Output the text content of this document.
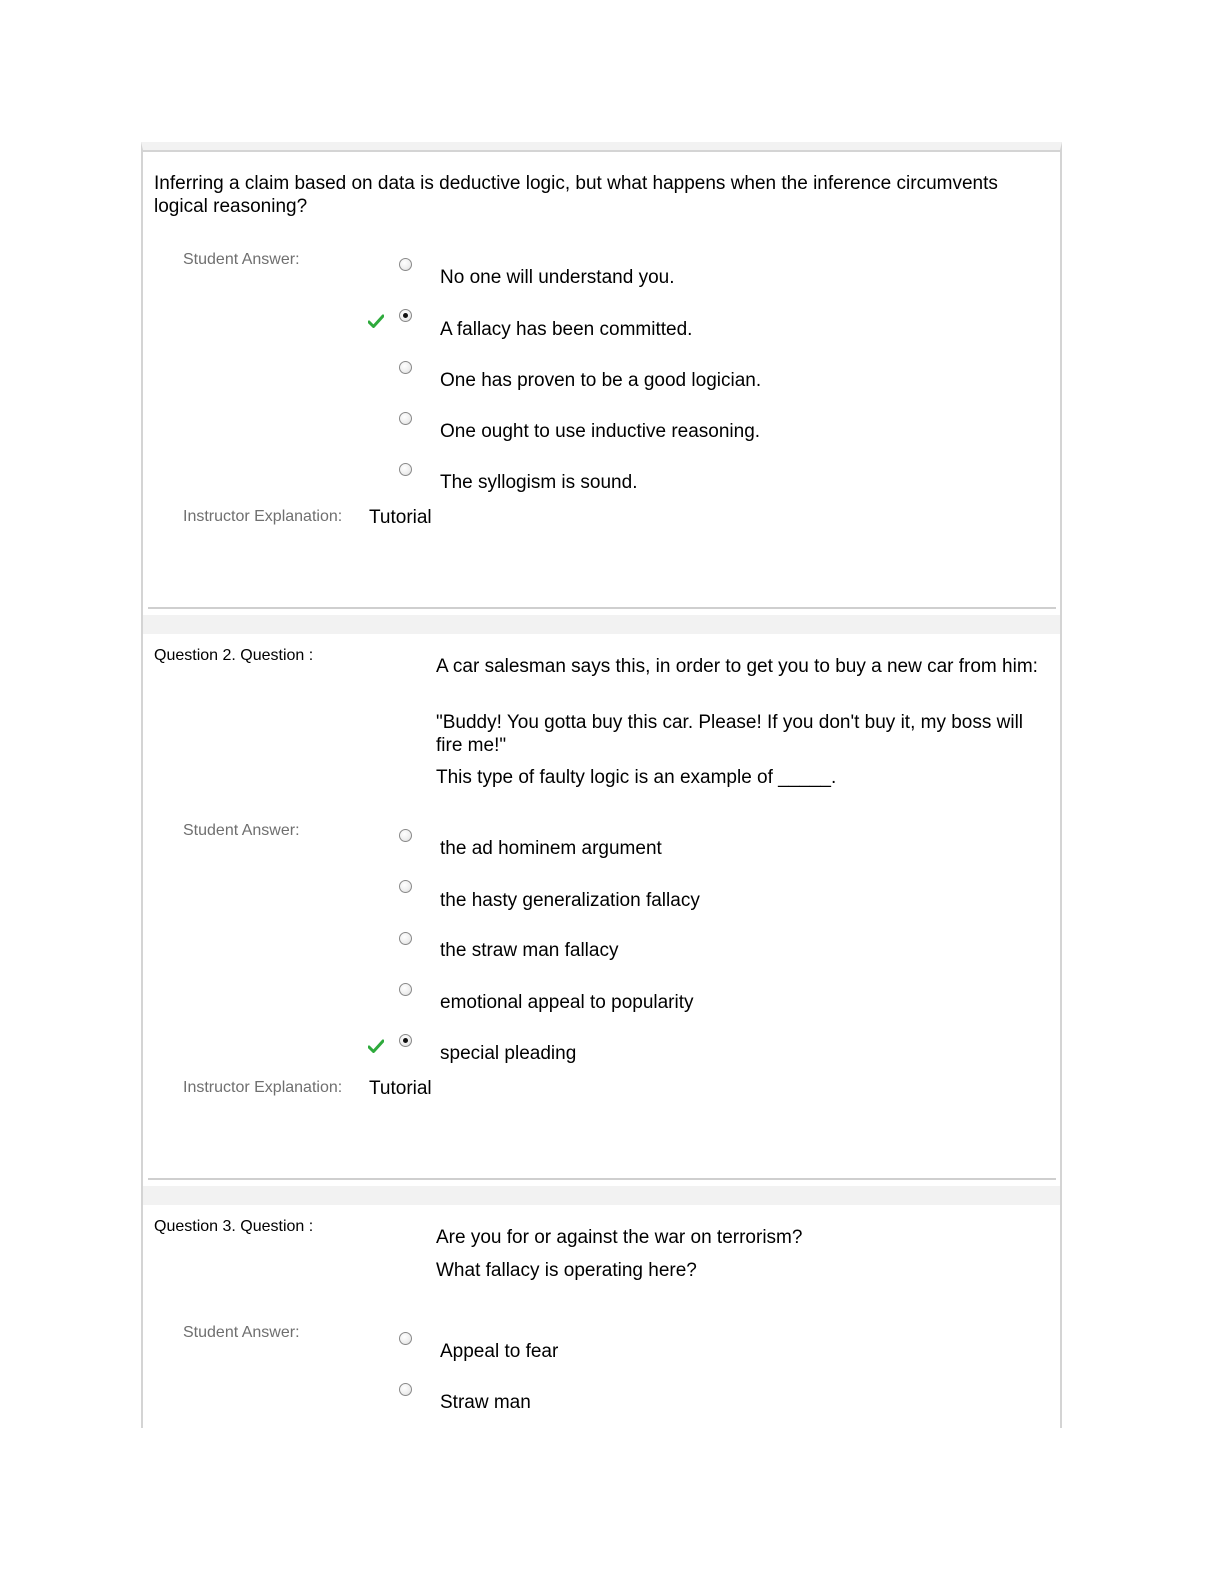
Inferring a claim based on data is deductive logic, but what happens when the inference circumvents logical reasoning?
Student Answer:
No one will understand you.
A fallacy has been committed.
One has proven to be a good logician.
One ought to use inductive reasoning.
The syllogism is sound.
Instructor Explanation: Tutorial
Question 2. Question :
A car salesman says this, in order to get you to buy a new car from him:
"Buddy! You gotta buy this car. Please! If you don't buy it, my boss will fire me!"
This type of faulty logic is an example of _____.
Student Answer:
the ad hominem argument
the hasty generalization fallacy
the straw man fallacy
emotional appeal to popularity
special pleading
Instructor Explanation: Tutorial
Question 3. Question :
Are you for or against the war on terrorism?
What fallacy is operating here?
Student Answer:
Appeal to fear
Straw man
